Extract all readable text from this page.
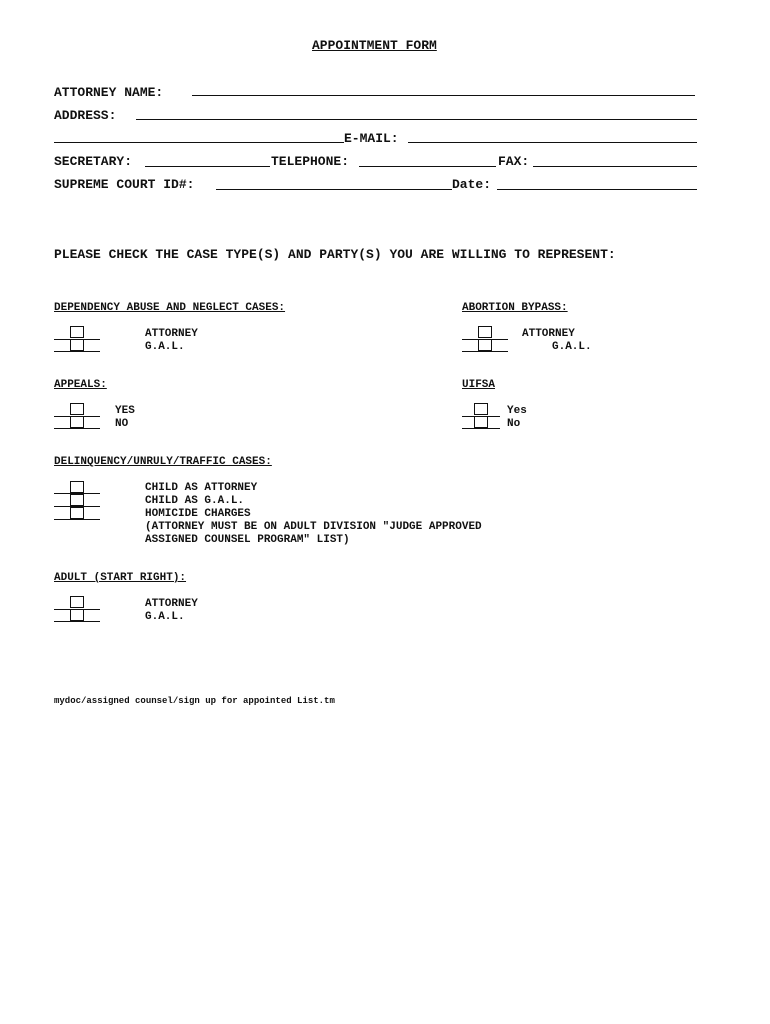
APPOINTMENT FORM
ATTORNEY NAME:
ADDRESS:
E-MAIL:
SECRETARY:	TELEPHONE:	FAX:
SUPREME COURT ID#:	Date:
PLEASE CHECK THE CASE TYPE(S) AND PARTY(S) YOU ARE WILLING TO REPRESENT:
DEPENDENCY ABUSE AND NEGLECT CASES:
ATTORNEY
G.A.L.
ABORTION BYPASS:
ATTORNEY
G.A.L.
APPEALS:
YES
NO
UIFSA
Yes
No
DELINQUENCY/UNRULY/TRAFFIC CASES:
CHILD AS ATTORNEY
CHILD AS G.A.L.
HOMICIDE CHARGES
(ATTORNEY MUST BE ON ADULT DIVISION "JUDGE APPROVED
ASSIGNED COUNSEL PROGRAM" LIST)
ADULT (START RIGHT):
ATTORNEY
G.A.L.
mydoc/assigned counsel/sign up for appointed List.tm
